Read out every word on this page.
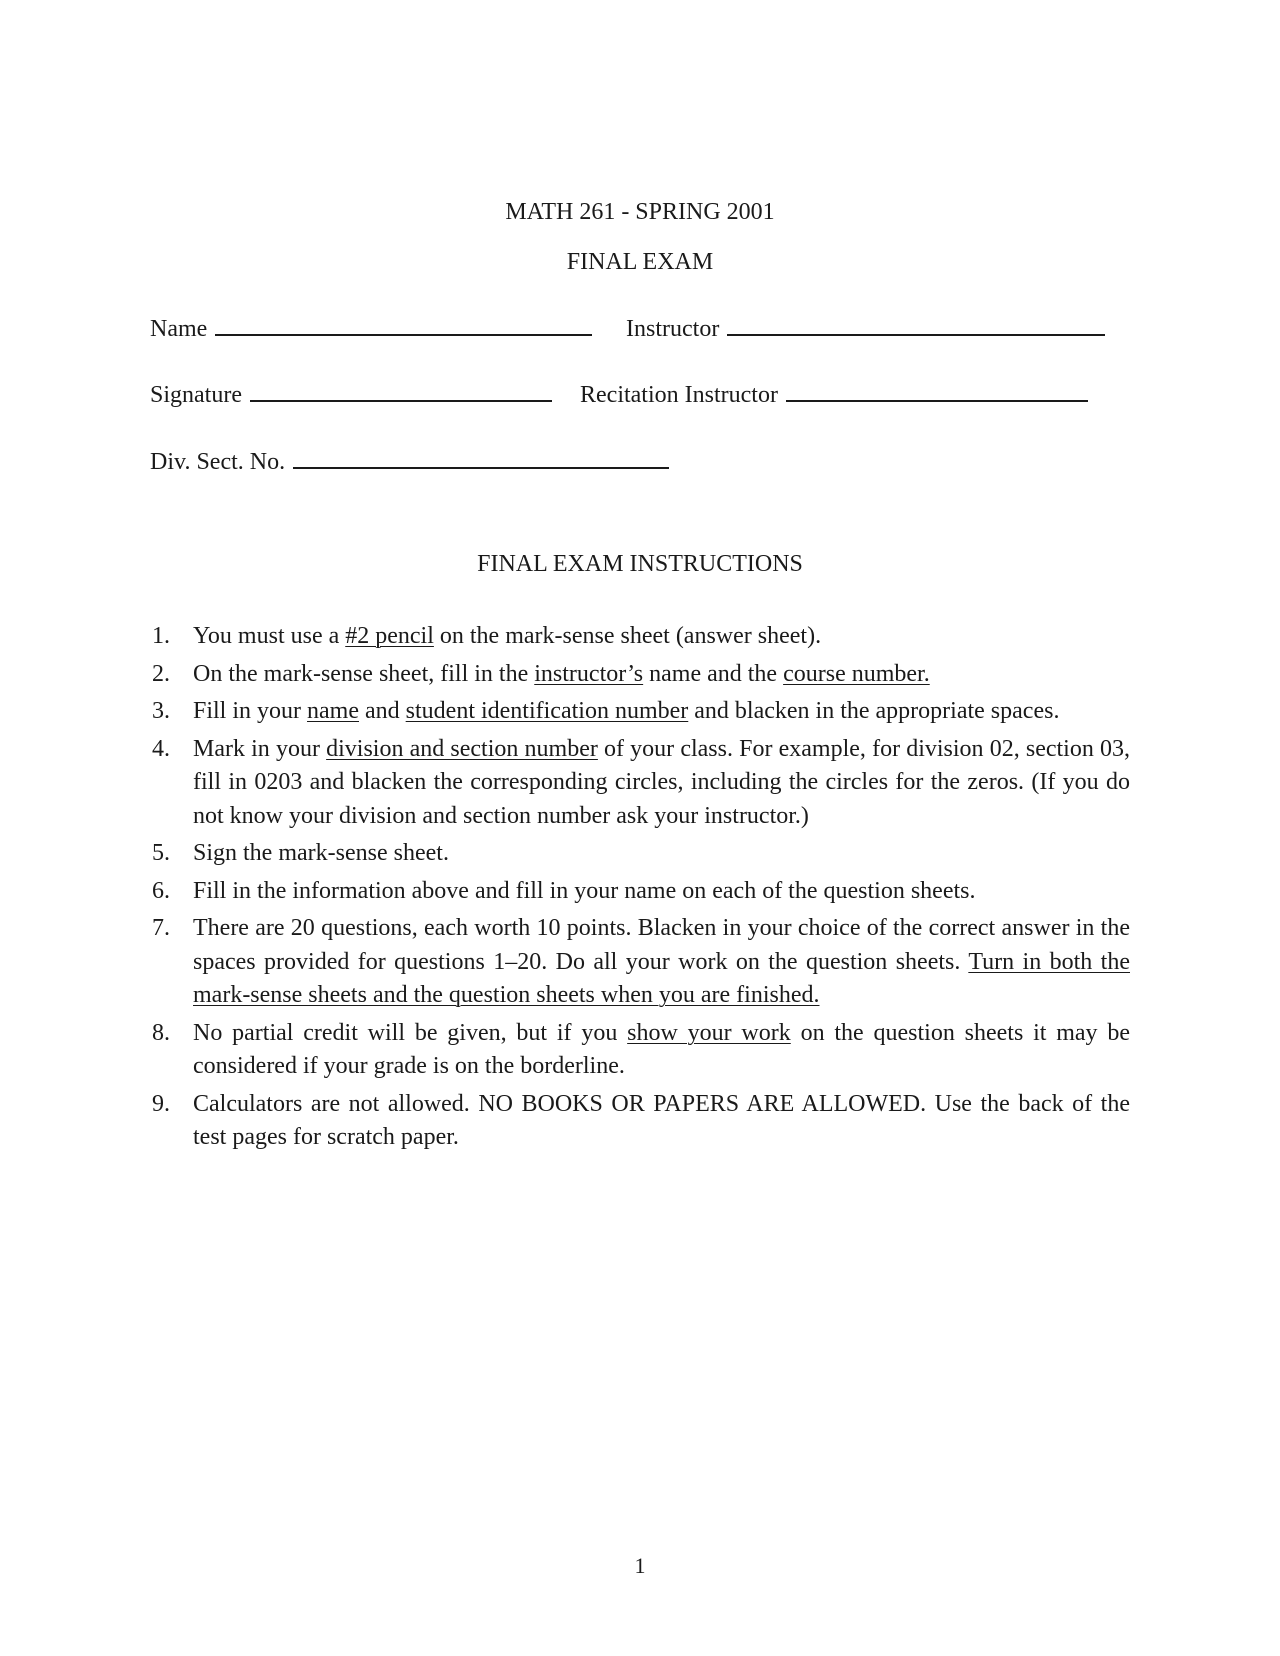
MATH 261 - SPRING 2001
FINAL EXAM
Name	Instructor
Signature	Recitation Instructor
Div. Sect. No.
FINAL EXAM INSTRUCTIONS
1. You must use a #2 pencil on the mark-sense sheet (answer sheet).
2. On the mark-sense sheet, fill in the instructor’s name and the course number.
3. Fill in your name and student identification number and blacken in the appropriate spaces.
4. Mark in your division and section number of your class. For example, for division 02, section 03, fill in 0203 and blacken the corresponding circles, including the circles for the zeros. (If you do not know your division and section number ask your instructor.)
5. Sign the mark-sense sheet.
6. Fill in the information above and fill in your name on each of the question sheets.
7. There are 20 questions, each worth 10 points. Blacken in your choice of the correct answer in the spaces provided for questions 1–20. Do all your work on the question sheets. Turn in both the mark-sense sheets and the question sheets when you are finished.
8. No partial credit will be given, but if you show your work on the question sheets it may be considered if your grade is on the borderline.
9. Calculators are not allowed. NO BOOKS OR PAPERS ARE ALLOWED. Use the back of the test pages for scratch paper.
1
